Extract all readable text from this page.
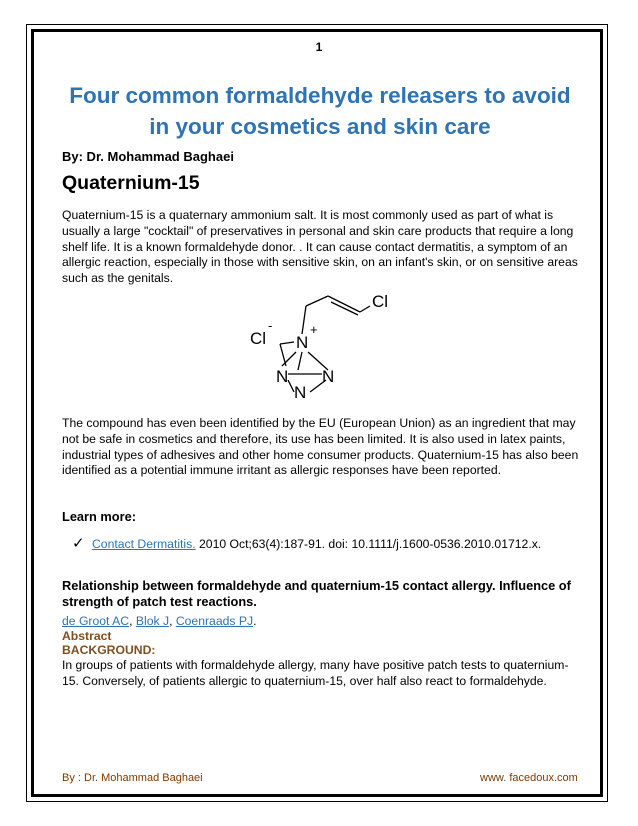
1
Four common formaldehyde releasers to avoid in your cosmetics and skin care
By: Dr. Mohammad Baghaei
Quaternium-15
Quaternium-15 is a quaternary ammonium salt. It is most commonly used as part of what is usually a large "cocktail" of preservatives in personal and skin care products that require a long shelf life. It is a known formaldehyde donor. . It can cause contact dermatitis, a symptom of an allergic reaction, especially in those with sensitive skin, on an infant's skin, or on sensitive areas such as the genitals.
Cl
Cl
-
N
+
N N
N
The compound has even been identified by the EU (European Union) as an ingredient that may not be safe in cosmetics and therefore, its use has been limited. It is also used in latex paints, industrial types of adhesives and other home consumer products. Quaternium-15 has also been identified as a potential immune irritant as allergic responses have been reported.
Learn more:
✓ Contact Dermatitis. 2010 Oct;63(4):187-91. doi: 10.1111/j.1600-0536.2010.01712.x.
Relationship between formaldehyde and quaternium-15 contact allergy. Influence of strength of patch test reactions.
de Groot AC, Blok J, Coenraads PJ.
Abstract
BACKGROUND:
In groups of patients with formaldehyde allergy, many have positive patch tests to quaternium-15. Conversely, of patients allergic to quaternium-15, over half also react to formaldehyde.
By : Dr. Mohammad Baghaei	www. facedoux.com
